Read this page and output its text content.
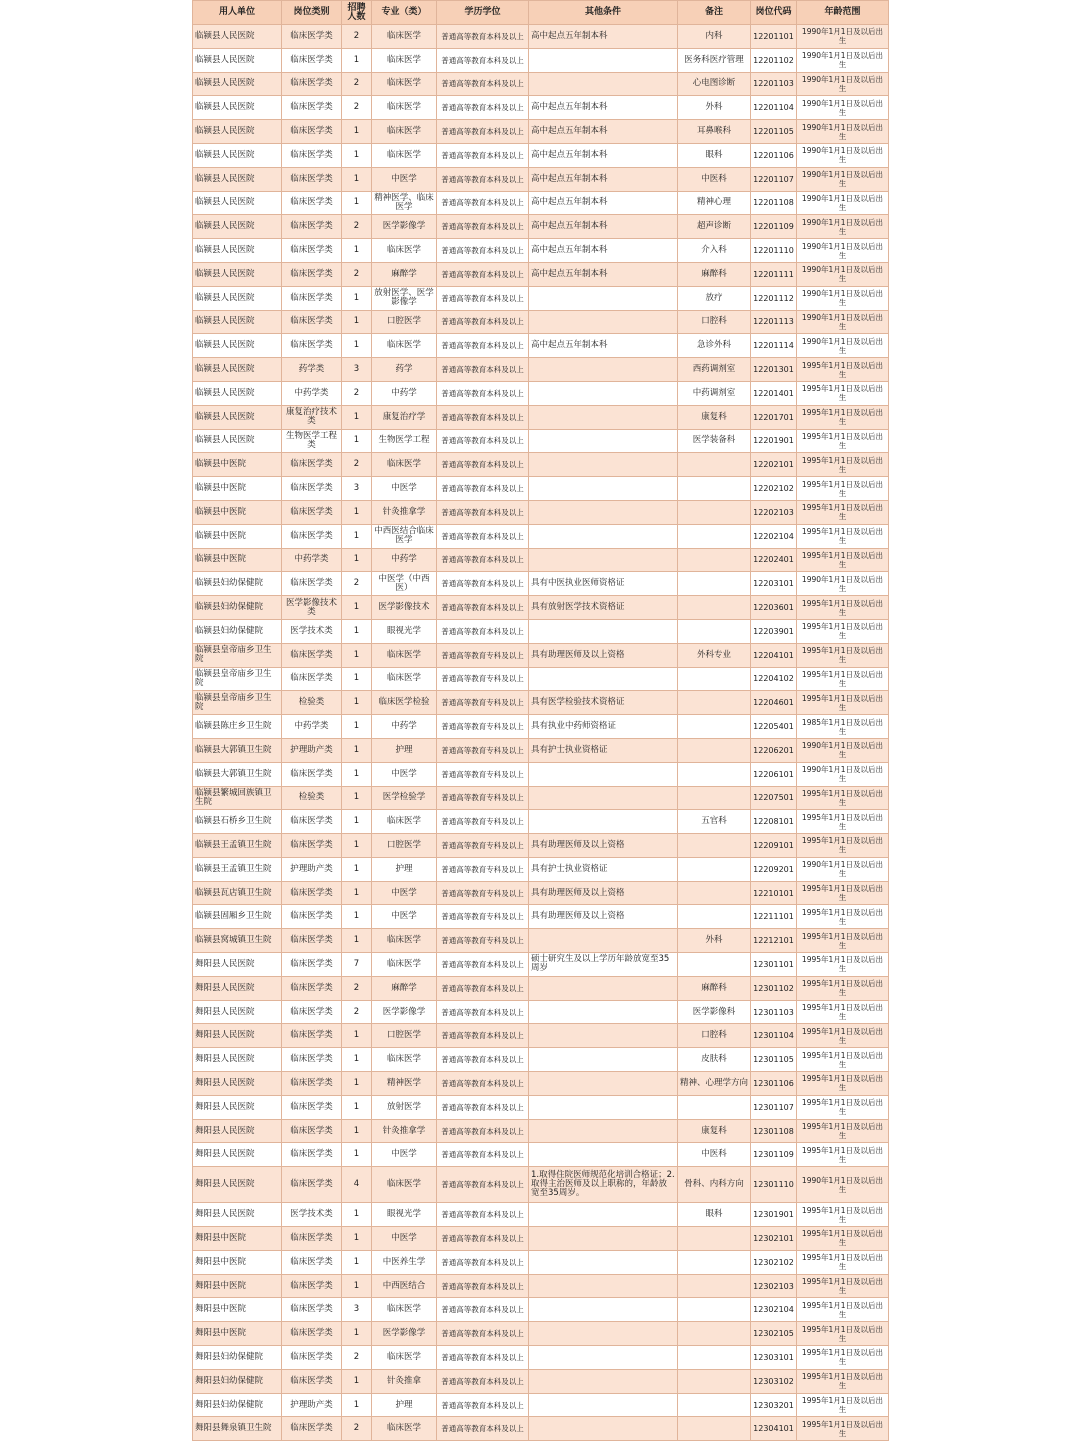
用人单位	岗位类别	招聘人数	专业（类）	学历学位	其他条件	备注	岗位代码	年龄范围
临颍县人民医院	临床医学类	2	临床医学	普通高等教育本科及以上	高中起点五年制本科	内科	12201101	1990年1月1日及以后出生
临颍县人民医院	临床医学类	1	临床医学	普通高等教育本科及以上		医务科医疗管理	12201102	1990年1月1日及以后出生
临颍县人民医院	临床医学类	2	临床医学	普通高等教育本科及以上		心电图诊断	12201103	1990年1月1日及以后出生
临颍县人民医院	临床医学类	2	临床医学	普通高等教育本科及以上	高中起点五年制本科	外科	12201104	1990年1月1日及以后出生
临颍县人民医院	临床医学类	1	临床医学	普通高等教育本科及以上	高中起点五年制本科	耳鼻喉科	12201105	1990年1月1日及以后出生
临颍县人民医院	临床医学类	1	临床医学	普通高等教育本科及以上	高中起点五年制本科	眼科	12201106	1990年1月1日及以后出生
临颍县人民医院	临床医学类	1	中医学	普通高等教育本科及以上	高中起点五年制本科	中医科	12201107	1990年1月1日及以后出生
临颍县人民医院	临床医学类	1	精神医学、临床医学	普通高等教育本科及以上	高中起点五年制本科	精神心理	12201108	1990年1月1日及以后出生
临颍县人民医院	临床医学类	2	医学影像学	普通高等教育本科及以上	高中起点五年制本科	超声诊断	12201109	1990年1月1日及以后出生
临颍县人民医院	临床医学类	1	临床医学	普通高等教育本科及以上	高中起点五年制本科	介入科	12201110	1990年1月1日及以后出生
临颍县人民医院	临床医学类	2	麻醉学	普通高等教育本科及以上	高中起点五年制本科	麻醉科	12201111	1990年1月1日及以后出生
临颍县人民医院	临床医学类	1	放射医学、医学影像学	普通高等教育本科及以上		放疗	12201112	1990年1月1日及以后出生
临颍县人民医院	临床医学类	1	口腔医学	普通高等教育本科及以上		口腔科	12201113	1990年1月1日及以后出生
临颍县人民医院	临床医学类	1	临床医学	普通高等教育本科及以上	高中起点五年制本科	急诊外科	12201114	1990年1月1日及以后出生
临颍县人民医院	药学类	3	药学	普通高等教育本科及以上		西药调剂室	12201301	1995年1月1日及以后出生
临颍县人民医院	中药学类	2	中药学	普通高等教育本科及以上		中药调剂室	12201401	1995年1月1日及以后出生
临颍县人民医院	康复治疗技术类	1	康复治疗学	普通高等教育本科及以上		康复科	12201701	1995年1月1日及以后出生
临颍县人民医院	生物医学工程类	1	生物医学工程	普通高等教育本科及以上		医学装备科	12201901	1995年1月1日及以后出生
临颍县中医院	临床医学类	2	临床医学	普通高等教育本科及以上			12202101	1995年1月1日及以后出生
临颍县中医院	临床医学类	3	中医学	普通高等教育本科及以上			12202102	1995年1月1日及以后出生
临颍县中医院	临床医学类	1	针灸推拿学	普通高等教育本科及以上			12202103	1995年1月1日及以后出生
临颍县中医院	临床医学类	1	中西医结合临床医学	普通高等教育本科及以上			12202104	1995年1月1日及以后出生
临颍县中医院	中药学类	1	中药学	普通高等教育本科及以上			12202401	1995年1月1日及以后出生
临颍县妇幼保健院	临床医学类	2	中医学（中西医）	普通高等教育本科及以上	具有中医执业医师资格证		12203101	1990年1月1日及以后出生
临颍县妇幼保健院	医学影像技术类	1	医学影像技术	普通高等教育本科及以上	具有放射医学技术资格证		12203601	1995年1月1日及以后出生
临颍县妇幼保健院	医学技术类	1	眼视光学	普通高等教育本科及以上			12203901	1995年1月1日及以后出生
临颍县皇帝庙乡卫生院	临床医学类	1	临床医学	普通高等教育专科及以上	具有助理医师及以上资格	外科专业	12204101	1995年1月1日及以后出生
临颍县皇帝庙乡卫生院	临床医学类	1	临床医学	普通高等教育专科及以上			12204102	1995年1月1日及以后出生
临颍县皇帝庙乡卫生院	检验类	1	临床医学检验	普通高等教育专科及以上	具有医学检验技术资格证		12204601	1995年1月1日及以后出生
临颍县陈庄乡卫生院	中药学类	1	中药学	普通高等教育专科及以上	具有执业中药师资格证		12205401	1985年1月1日及以后出生
临颍县大郭镇卫生院	护理助产类	1	护理	普通高等教育专科及以上	具有护士执业资格证		12206201	1990年1月1日及以后出生
临颍县大郭镇卫生院	临床医学类	1	中医学	普通高等教育专科及以上			12206101	1990年1月1日及以后出生
临颍县繁城回族镇卫生院	检验类	1	医学检验学	普通高等教育专科及以上			12207501	1995年1月1日及以后出生
临颍县石桥乡卫生院	临床医学类	1	临床医学	普通高等教育专科及以上		五官科	12208101	1995年1月1日及以后出生
临颍县王孟镇卫生院	临床医学类	1	口腔医学	普通高等教育专科及以上	具有助理医师及以上资格		12209101	1995年1月1日及以后出生
临颍县王孟镇卫生院	护理助产类	1	护理	普通高等教育专科及以上	具有护士执业资格证		12209201	1990年1月1日及以后出生
临颍县瓦店镇卫生院	临床医学类	1	中医学	普通高等教育专科及以上	具有助理医师及以上资格		12210101	1995年1月1日及以后出生
临颍县固厢乡卫生院	临床医学类	1	中医学	普通高等教育专科及以上	具有助理医师及以上资格		12211101	1995年1月1日及以后出生
临颍县窝城镇卫生院	临床医学类	1	临床医学	普通高等教育专科及以上		外科	12212101	1995年1月1日及以后出生
舞阳县人民医院	临床医学类	7	临床医学	普通高等教育本科及以上	硕士研究生及以上学历年龄放宽至35周岁		12301101	1995年1月1日及以后出生
舞阳县人民医院	临床医学类	2	麻醉学	普通高等教育本科及以上		麻醉科	12301102	1995年1月1日及以后出生
舞阳县人民医院	临床医学类	2	医学影像学	普通高等教育本科及以上		医学影像科	12301103	1995年1月1日及以后出生
舞阳县人民医院	临床医学类	1	口腔医学	普通高等教育本科及以上		口腔科	12301104	1995年1月1日及以后出生
舞阳县人民医院	临床医学类	1	临床医学	普通高等教育本科及以上		皮肤科	12301105	1995年1月1日及以后出生
舞阳县人民医院	临床医学类	1	精神医学	普通高等教育本科及以上		精神、心理学方向	12301106	1995年1月1日及以后出生
舞阳县人民医院	临床医学类	1	放射医学	普通高等教育本科及以上			12301107	1995年1月1日及以后出生
舞阳县人民医院	临床医学类	1	针灸推拿学	普通高等教育本科及以上		康复科	12301108	1995年1月1日及以后出生
舞阳县人民医院	临床医学类	1	中医学	普通高等教育本科及以上		中医科	12301109	1995年1月1日及以后出生
舞阳县人民医院	临床医学类	4	临床医学	普通高等教育本科及以上	1.取得住院医师规范化培训合格证；2.取得主治医师及以上职称的，年龄放宽至35周岁。	骨科、内科方向	12301110	1990年1月1日及以后出生
舞阳县人民医院	医学技术类	1	眼视光学	普通高等教育本科及以上		眼科	12301901	1995年1月1日及以后出生
舞阳县中医院	临床医学类	1	中医学	普通高等教育本科及以上			12302101	1995年1月1日及以后出生
舞阳县中医院	临床医学类	1	中医养生学	普通高等教育本科及以上			12302102	1995年1月1日及以后出生
舞阳县中医院	临床医学类	1	中西医结合	普通高等教育本科及以上			12302103	1995年1月1日及以后出生
舞阳县中医院	临床医学类	3	临床医学	普通高等教育本科及以上			12302104	1995年1月1日及以后出生
舞阳县中医院	临床医学类	1	医学影像学	普通高等教育本科及以上			12302105	1995年1月1日及以后出生
舞阳县妇幼保健院	临床医学类	2	临床医学	普通高等教育本科及以上			12303101	1995年1月1日及以后出生
舞阳县妇幼保健院	临床医学类	1	针灸推拿	普通高等教育本科及以上			12303102	1995年1月1日及以后出生
舞阳县妇幼保健院	护理助产类	1	护理	普通高等教育本科及以上			12303201	1995年1月1日及以后出生
舞阳县舞泉镇卫生院	临床医学类	2	临床医学	普通高等教育本科及以上			12304101	1995年1月1日及以后出生
